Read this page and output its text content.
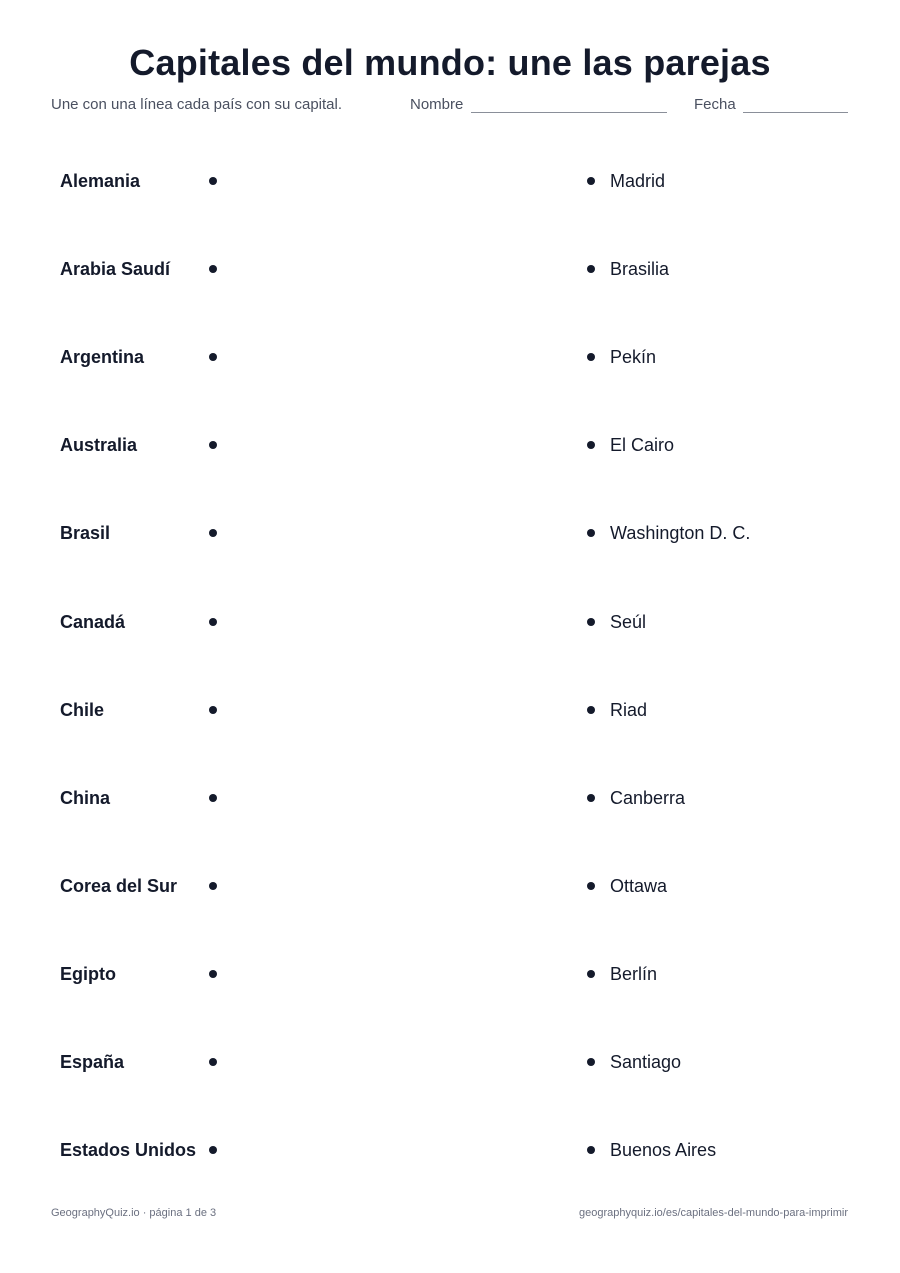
Capitales del mundo: une las parejas
Une con una línea cada país con su capital.	Nombre	Fecha
Alemania	Madrid
Arabia Saudí	Brasilia
Argentina	Pekín
Australia	El Cairo
Brasil	Washington D. C.
Canadá	Seúl
Chile	Riad
China	Canberra
Corea del Sur	Ottawa
Egipto	Berlín
España	Santiago
Estados Unidos	Buenos Aires
GeographyQuiz.io · página 1 de 3	geographyquiz.io/es/capitales-del-mundo-para-imprimir
